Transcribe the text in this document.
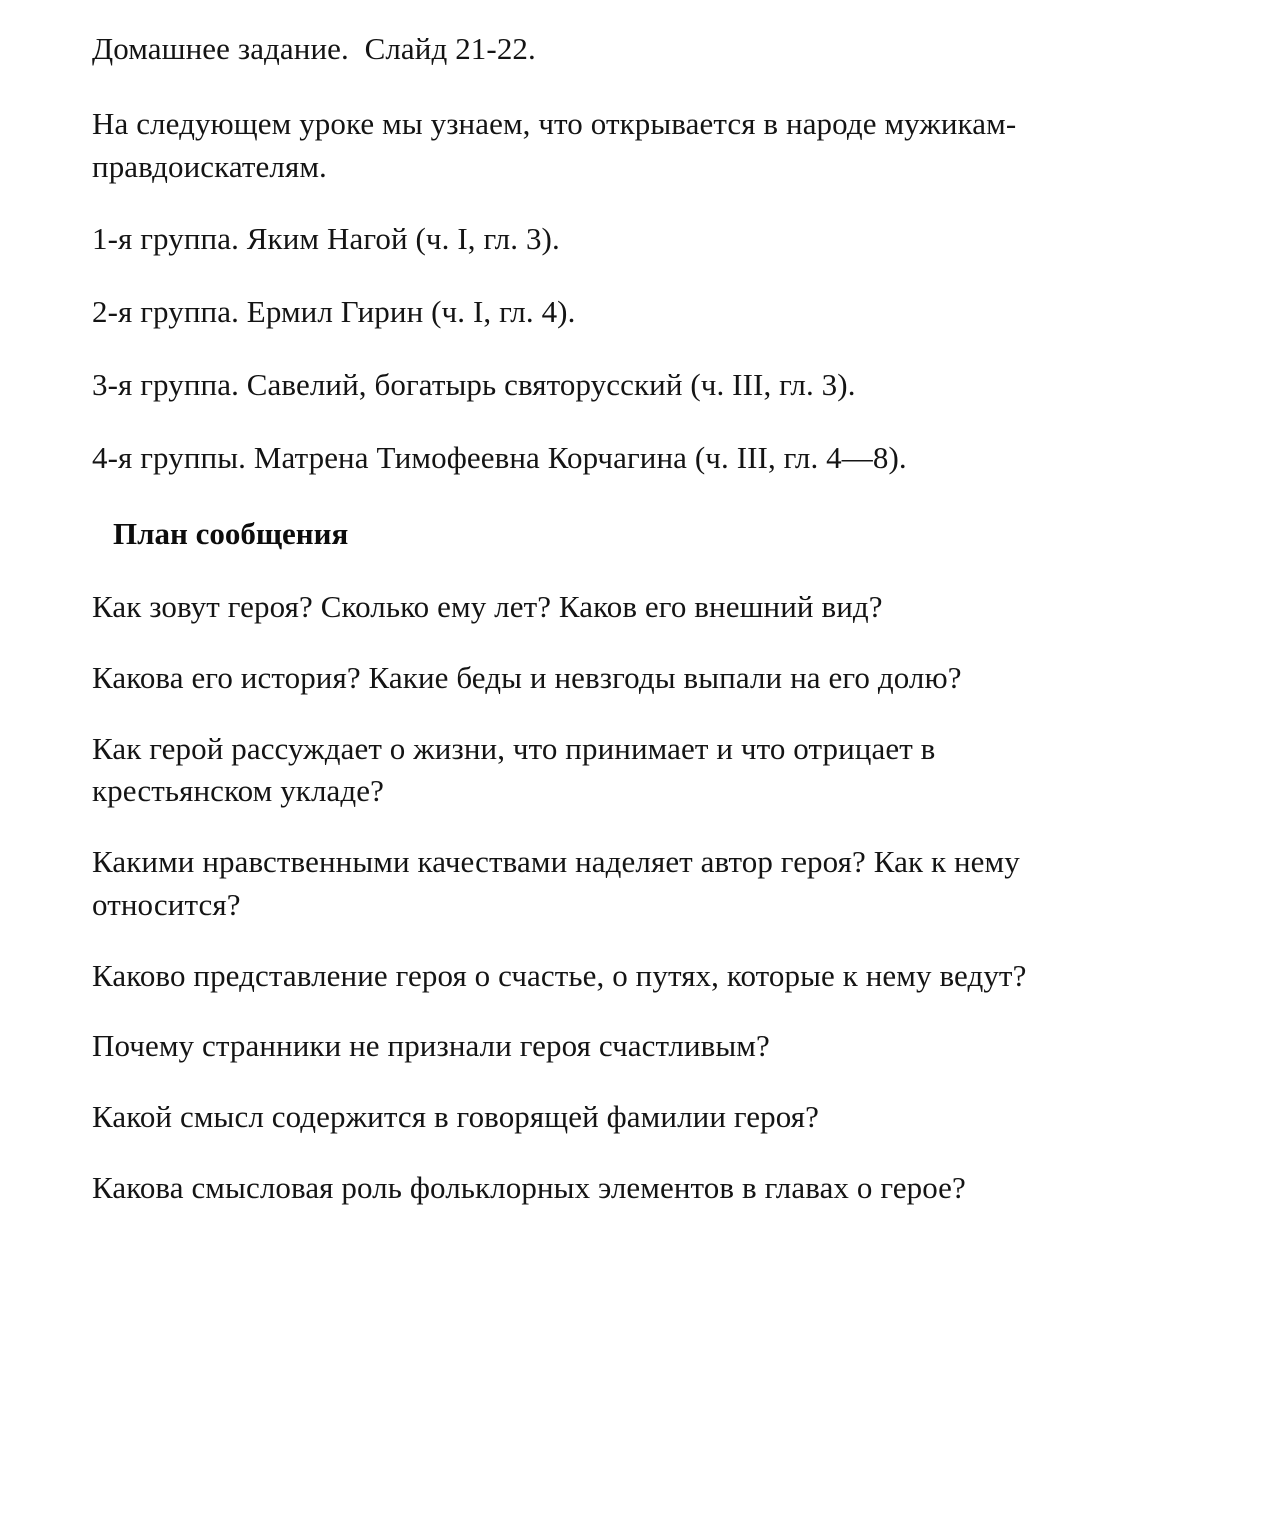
Домашнее задание.  Слайд 21-22.

На следующем уроке мы узнаем, что открывается в народе мужикам-правдоискателям.

1-я группа. Яким Нагой (ч. I, гл. 3).

2-я группа. Ермил Гирин (ч. I, гл. 4).

3-я группа. Савелий, богатырь святорусский (ч. III, гл. 3).

4-я группы. Матрена Тимофеевна Корчагина (ч. III, гл. 4—8).

План сообщения

Как зовут героя? Сколько ему лет? Каков его внешний вид?

Какова его история? Какие беды и невзгоды выпали на его долю?

Как герой рассуждает о жизни, что принимает и что отрицает в крестьянском укладе?

Какими нравственными качествами наделяет автор героя? Как к нему относится?

Каково представление героя о счастье, о путях, которые к нему ведут?

Почему странники не признали героя счастливым?

Какой смысл содержится в говорящей фамилии героя?

Какова смысловая роль фольклорных элементов в главах о герое?
